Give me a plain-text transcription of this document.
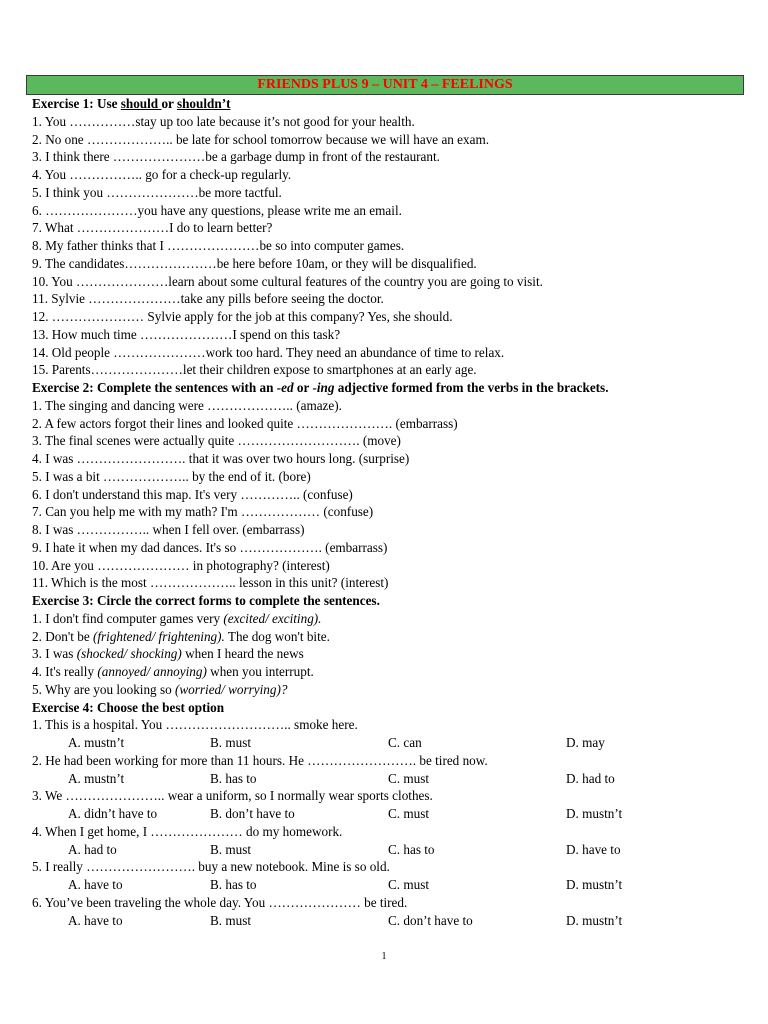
FRIENDS PLUS 9 – UNIT 4 – FEELINGS
Exercise 1: Use should or shouldn’t
1. You ……………stay up too late because it’s not good for your health.
2. No one ……………….. be late for school tomorrow because we will have an exam.
3. I think there …………………be a garbage dump in front of the restaurant.
4. You …………….. go for a check-up regularly.
5. I think you …………………be more tactful.
6. …………………you have any questions, please write me an email.
7. What …………………I do to learn better?
8. My father thinks that I …………………be so into computer games.
9. The candidates…………………be here before 10am, or they will be disqualified.
10. You …………………learn about some cultural features of the country you are going to visit.
11. Sylvie …………………take any pills before seeing the doctor.
12. ………………… Sylvie apply for the job at this company? Yes, she should.
13. How much time …………………I spend on this task?
14. Old people …………………work too hard. They need an abundance of time to relax.
15. Parents…………………let their children expose to smartphones at an early age.
Exercise 2: Complete the sentences with an -ed or -ing adjective formed from the verbs in the brackets.
1. The singing and dancing were ……………….. (amaze).
2. A few actors forgot their lines and looked quite …………………. (embarrass)
3. The final scenes were actually quite ………………………. (move)
4. I was ……………………. that it was over two hours long. (surprise)
5. I was a bit ……………….. by the end of it. (bore)
6. I don't understand this map. It's very ………….. (confuse)
7. Can you help me with my math? I'm ……………… (confuse)
8. I was …………….. when I fell over. (embarrass)
9. I hate it when my dad dances. It's so ………………. (embarrass)
10. Are you ………………… in photography? (interest)
11. Which is the most ……………….. lesson in this unit? (interest)
Exercise 3: Circle the correct forms to complete the sentences.
1. I don't find computer games very (excited/ exciting).
2. Don't be (frightened/ frightening). The dog won't bite.
3. I was (shocked/ shocking) when I heard the news
4. It's really (annoyed/ annoying) when you interrupt.
5. Why are you looking so (worried/ worrying)?
Exercise 4: Choose the best option
1. This is a hospital. You ……………………….. smoke here.
A. mustn’t	B. must	C. can	D. may
2. He had been working for more than 11 hours. He ……………………. be tired now.
A. mustn’t	B. has to	C. must	D. had to
3. We ………………….. wear a uniform, so I normally wear sports clothes.
A. didn’t have to	B. don’t have to	C. must	D. mustn’t
4. When I get home, I ………………… do my homework.
A. had to	B. must	C. has to	D. have to
5. I really ……………………. buy a new notebook. Mine is so old.
A. have to	B. has to	C. must	D. mustn’t
6. You’ve been traveling the whole day. You ………………… be tired.
A. have to	B. must	C. don’t have to	D. mustn’t
1
